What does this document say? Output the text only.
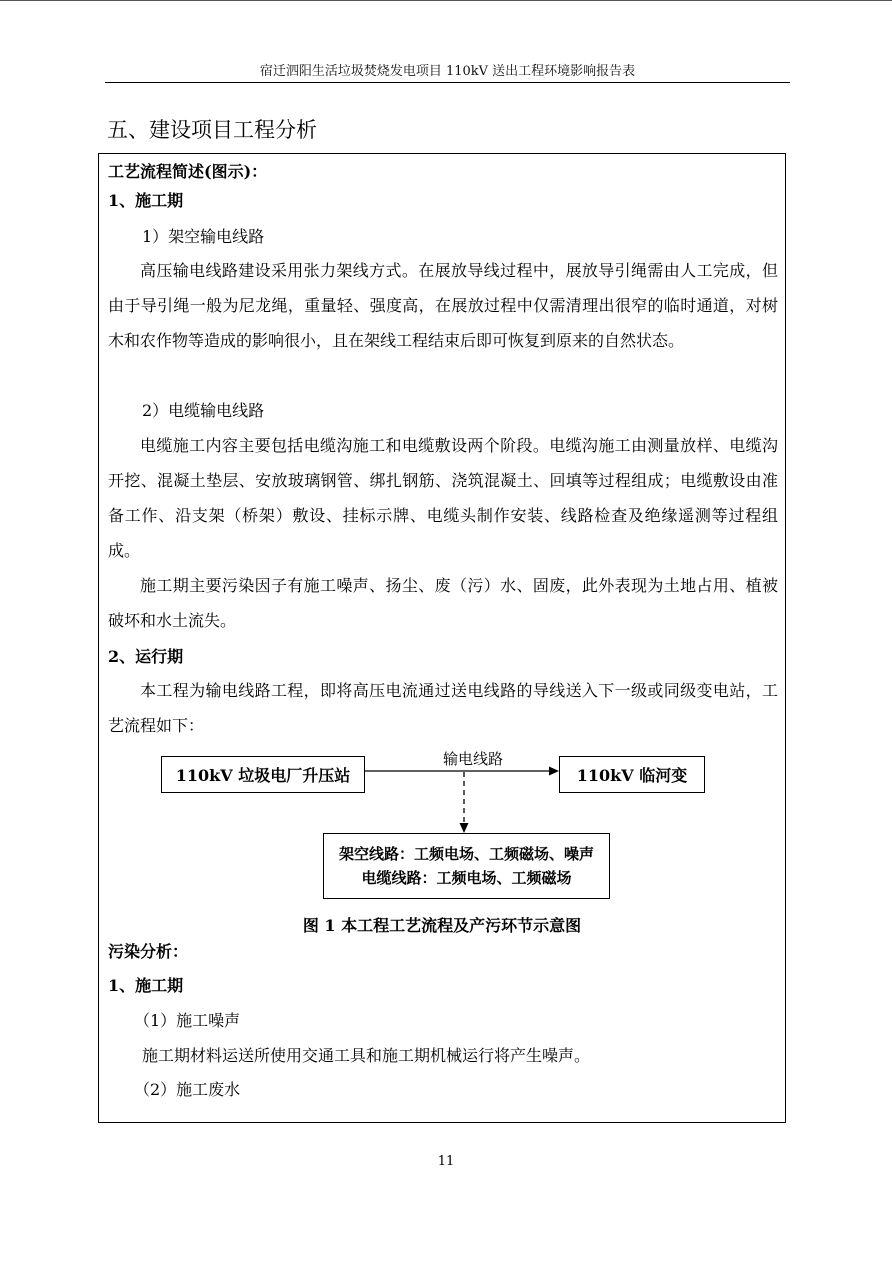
宿迁泗阳生活垃圾焚烧发电项目 110kV 送出工程环境影响报告表
五、建设项目工程分析
工艺流程简述(图示)：
1、施工期
1）架空输电线路

高压输电线路建设采用张力架线方式。在展放导线过程中，展放导引绳需由人工完成，但由于导引绳一般为尼龙绳，重量轻、强度高，在展放过程中仅需清理出很窄的临时通道，对树木和农作物等造成的影响很小，且在架线工程结束后即可恢复到原来的自然状态。

2）电缆输电线路

电缆施工内容主要包括电缆沟施工和电缆敷设两个阶段。电缆沟施工由测量放样、电缆沟开挖、混凝土垫层、安放玻璃钢管、绑扎钢筋、浇筑混凝土、回填等过程组成；电缆敷设由准备工作、沿支架（桥架）敷设、挂标示牌、电缆头制作安装、线路检查及绝缘遥测等过程组成。

施工期主要污染因子有施工噪声、扬尘、废（污）水、固废，此外表现为土地占用、植被破坏和水土流失。

2、运行期

本工程为输电线路工程，即将高压电流通过送电线路的导线送入下一级或同级变电站，工艺流程如下：

110kV 垃圾电厂升压站	110kV 临河变
输电线路
架空线路：工频电场、工频磁场、噪声
电缆线路：工频电场、工频磁场
图 1 本工程工艺流程及产污环节示意图
污染分析：
1、施工期
（1）施工噪声
施工期材料运送所使用交通工具和施工期机械运行将产生噪声。
（2）施工废水
11
